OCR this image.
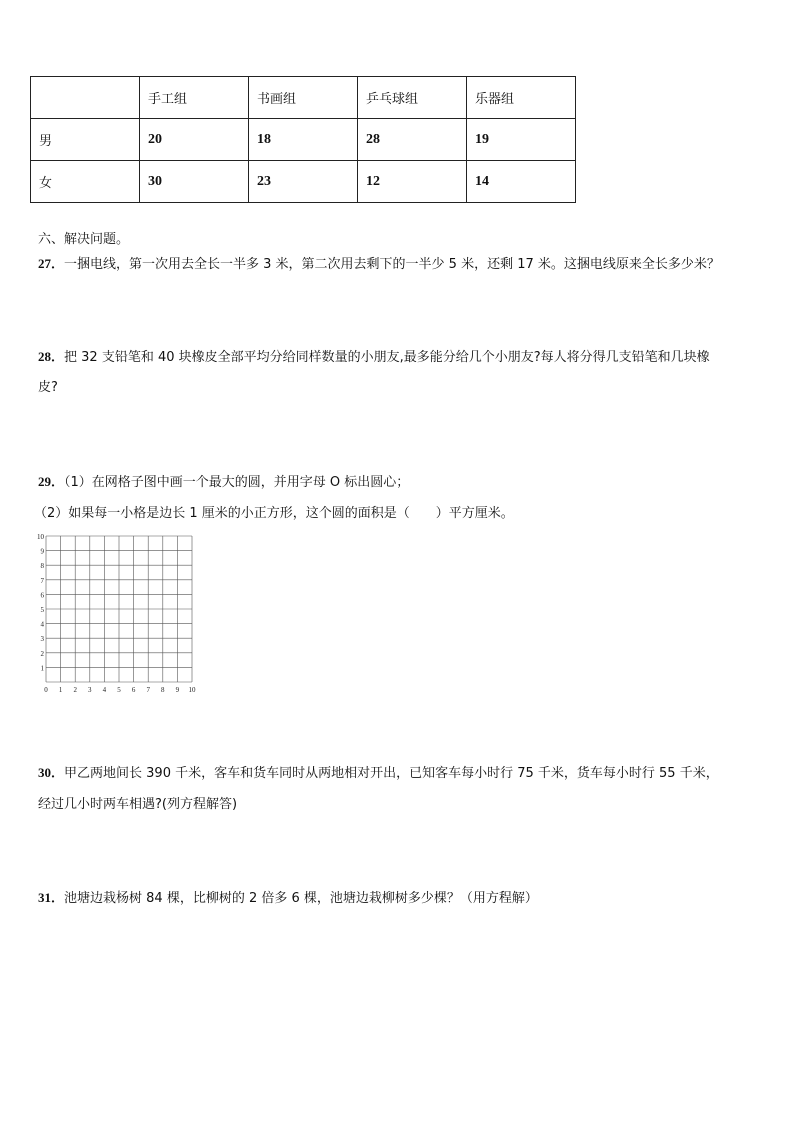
	手工组	书画组	乒乓球组	乐器组
男	20	18	28	19
女	30	23	12	14
六、解决问题。
27．一捆电线，第一次用去全长一半多 3 米，第二次用去剩下的一半少 5 米，还剩 17 米。这捆电线原来全长多少米？
28．把 32 支铅笔和 40 块橡皮全部平均分给同样数量的小朋友,最多能分给几个小朋友?每人将分得几支铅笔和几块橡
皮?
29．（1）在网格子图中画一个最大的圆，并用字母 O 标出圆心；
（2）如果每一小格是边长 1 厘米的小正方形，这个圆的面积是（　　）平方厘米。
10
9
8
7
6
5
4
3
2
1
0 1 2 3 4 5 6 7 8 9 10
30．甲乙两地间长 390 千米，客车和货车同时从两地相对开出，已知客车每小时行 75 千米，货车每小时行 55 千米，
经过几小时两车相遇?(列方程解答)
31．池塘边栽杨树 84 棵，比柳树的 2 倍多 6 棵，池塘边栽柳树多少棵？（用方程解）
